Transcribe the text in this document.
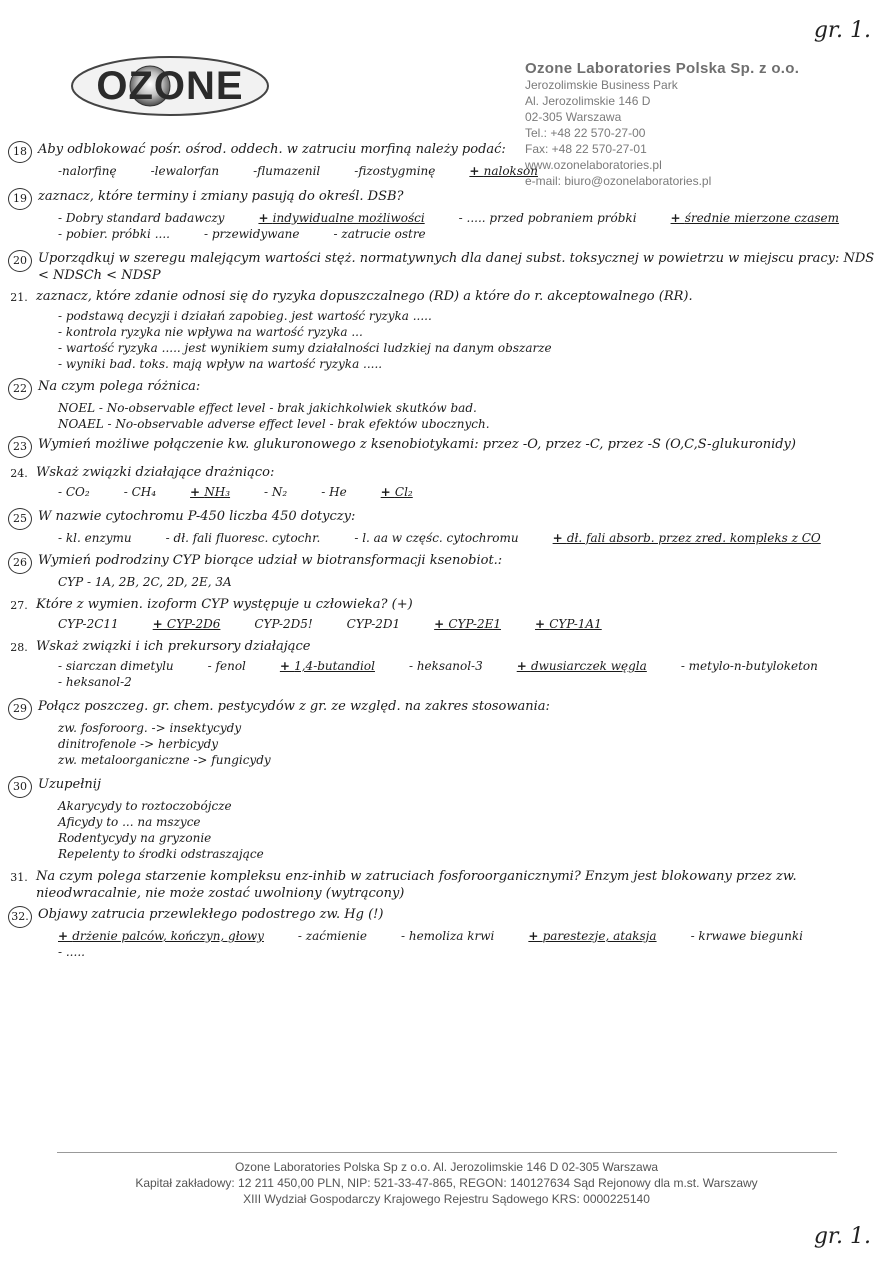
gr. 1.
OZONE	Ozone Laboratories Polska Sp. z o.o.
Jerozolimskie Business Park
Al. Jerozolimskie 146 D
02-305 Warszawa
Tel.: +48 22 570-27-00
Fax: +48 22 570-27-01
www.ozonelaboratories.pl
e-mail: biuro@ozonelaboratories.pl
18 Aby odblokować pośr. ośrod. oddech. w zatruciu morfiną należy podać:
-nalorfinę	-lewalorfan	-flumazenil	-fizostygminę	+ nalokson
19 zaznacz, które terminy i zmiany pasują do określ. DSB?
- Dobry standard badawczy	+ indywidualne możliwości	- ..... przed pobraniem próbki	+ średnie mierzone czasem
- pobier. próbki ....	- przewidywane	- zatrucie ostre
20 Uporządkuj w szeregu malejącym wartości stęż. normatywnych dla danej subst. toksycznej w powietrzu w miejscu pracy: NDS < NDSCh < NDSP
21. zaznacz, które zdanie odnosi się do ryzyka dopuszczalnego (RD) a które do r. akceptowalnego (RR).
- podstawą decyzji i działań zapobieg. jest wartość ryzyka .....
- kontrola ryzyka nie wpływa na wartość ryzyka ...
- wartość ryzyka ..... jest wynikiem sumy działalności ludzkiej na danym obszarze
- wyniki bad. toks. mają wpływ na wartość ryzyka .....
22 Na czym polega różnica:
NOEL - No-observable effect level - brak jakichkolwiek skutków bad.
NOAEL - No-observable adverse effect level - brak efektów ubocznych.
23 Wymień możliwe połączenie kw. glukuronowego z ksenobiotykami: przez -O, przez -C, przez -S (O,C,S-glukuronidy)
24. Wskaż związki działające drażniąco:
- CO₂	- CH₄	+ NH₃	- N₂	- He	+ Cl₂
25 W nazwie cytochromu P-450 liczba 450 dotyczy:
- kl. enzymu	- dł. fali fluoresc. cytochr.	- l. aa w częśc. cytochromu	+ dł. fali absorb. przez zred. kompleks z CO
26 Wymień podrodziny CYP biorące udział w biotransformacji ksenobiot.:
CYP - 1A, 2B, 2C, 2D, 2E, 3A
27. Które z wymien. izoform CYP występuje u człowieka? (+)
CYP-2C11	+ CYP-2D6	CYP-2D5!	CYP-2D1	+ CYP-2E1	+ CYP-1A1
28. Wskaż związki i ich prekursory działające
- siarczan dimetylu	- fenol	+ 1,4-butandiol	- heksanol-3	+ dwusiarczek węgla	- metylo-n-butyloketon
- heksanol-2
29 Połącz poszczeg. gr. chem. pestycydów z gr. ze względ. na zakres stosowania:
zw. fosforoorg. -> insektycydy
dinitrofenole -> herbicydy
zw. metaloorganiczne -> fungicydy
30 Uzupełnij
Akarycydy to roztoczobójcze
Aficydy to ... na mszyce
Rodentycydy na gryzonie
Repelenty to środki odstraszające
31. Na czym polega starzenie kompleksu enz-inhib w zatruciach fosforoorganicznymi? Enzym jest blokowany przez zw. nieodwracalnie, nie może zostać uwolniony (wytrącony)
32. Objawy zatrucia przewlekłego podostrego zw. Hg (!)
+ drżenie palców, kończyn, głowy	- zaćmienie	- hemoliza krwi	+ parestezje, ataksja	- krwawe biegunki
- .....
Ozone Laboratories Polska Sp z o.o. Al. Jerozolimskie 146 D 02-305 Warszawa
Kapitał zakładowy: 12 211 450,00 PLN, NIP: 521-33-47-865, REGON: 140127634 Sąd Rejonowy dla m.st. Warszawy
XIII Wydział Gospodarczy Krajowego Rejestru Sądowego KRS: 0000225140
gr. 1.
